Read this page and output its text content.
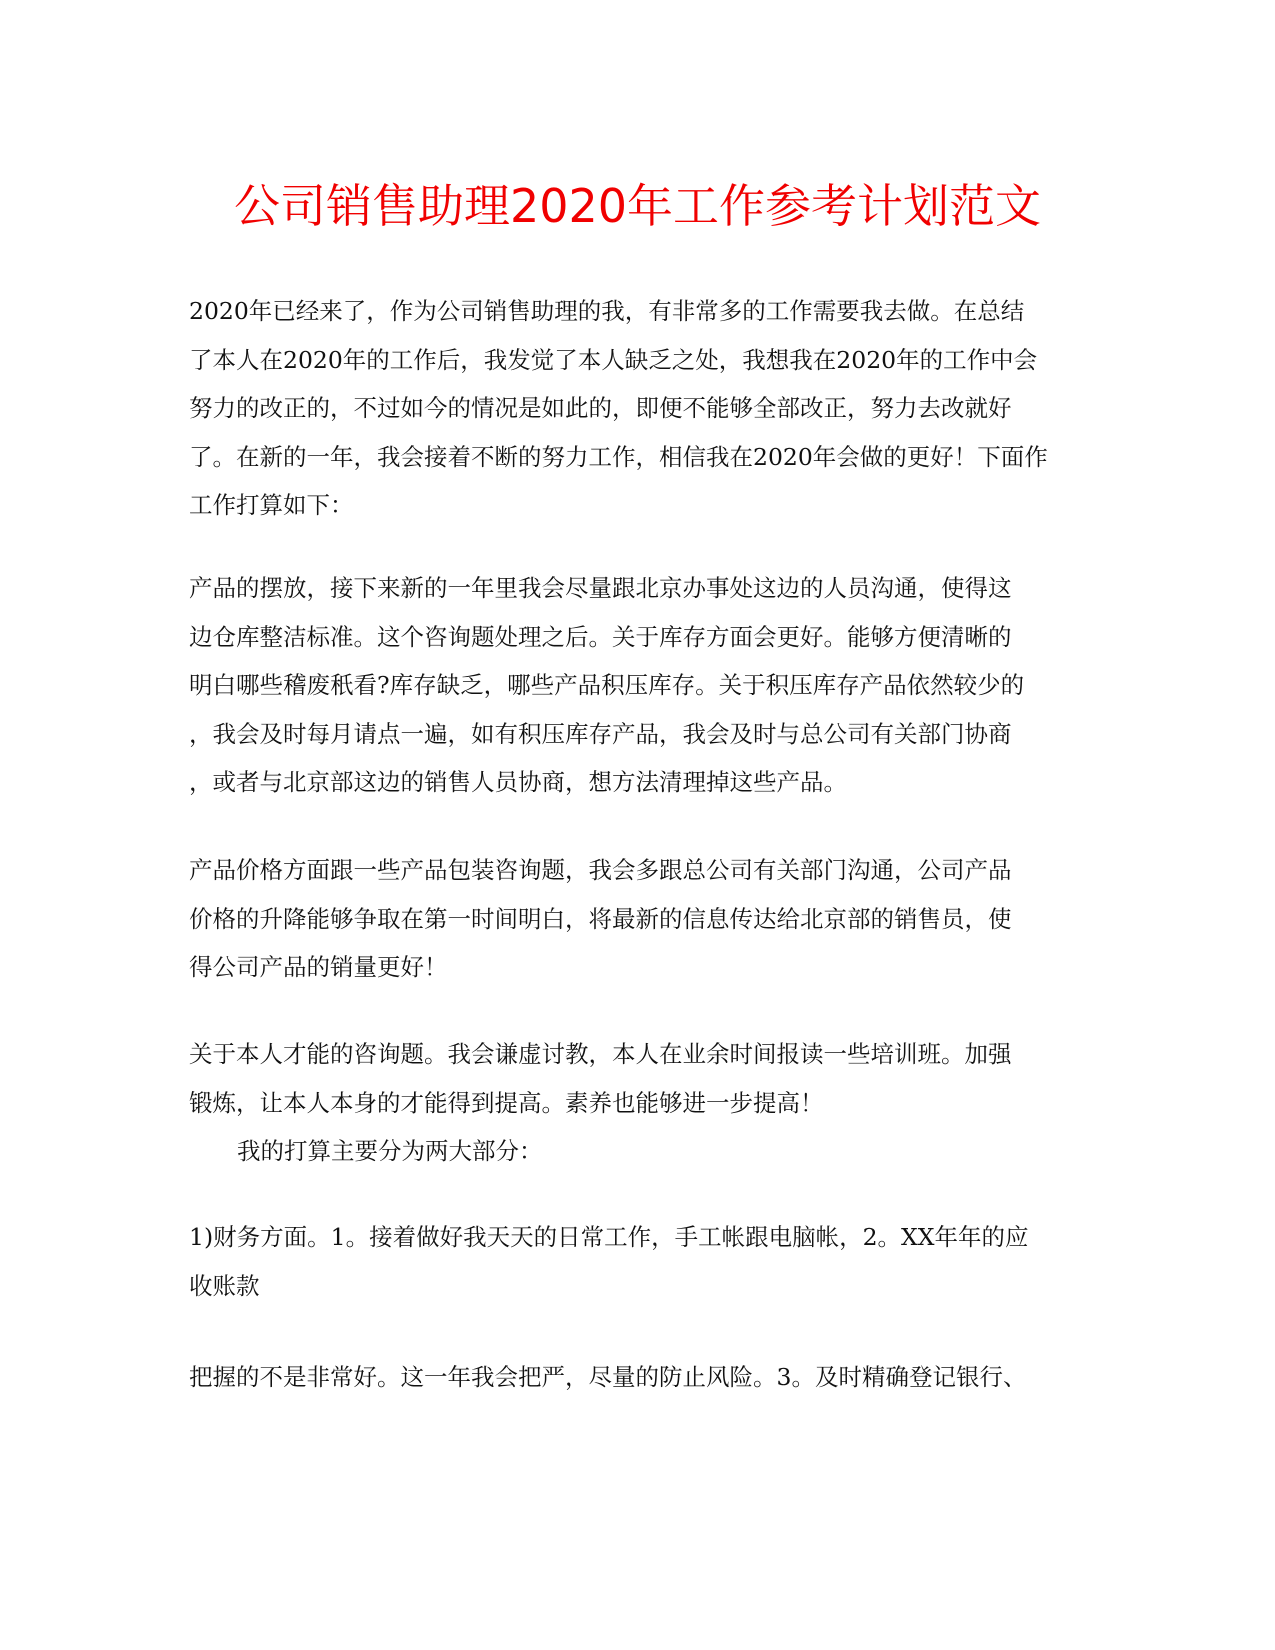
公司销售助理2020年工作参考计划范文
2020年已经来了，作为公司销售助理的我，有非常多的工作需要我去做。在总结
了本人在2020年的工作后，我发觉了本人缺乏之处，我想我在2020年的工作中会
努力的改正的，不过如今的情况是如此的，即便不能够全部改正，努力去改就好
了。在新的一年，我会接着不断的努力工作，相信我在2020年会做的更好！下面作
工作打算如下：
产品的摆放，接下来新的一年里我会尽量跟北京办事处这边的人员沟通，使得这
边仓库整洁标准。这个咨询题处理之后。关于库存方面会更好。能够方便清晰的
明白哪些稽废秖看?库存缺乏，哪些产品积压库存。关于积压库存产品依然较少的
，我会及时每月请点一遍，如有积压库存产品，我会及时与总公司有关部门协商
，或者与北京部这边的销售人员协商，想方法清理掉这些产品。
产品价格方面跟一些产品包装咨询题，我会多跟总公司有关部门沟通，公司产品
价格的升降能够争取在第一时间明白，将最新的信息传达给北京部的销售员，使
得公司产品的销量更好！
关于本人才能的咨询题。我会谦虚讨教，本人在业余时间报读一些培训班。加强
锻炼，让本人本身的才能得到提高。素养也能够进一步提高！
我的打算主要分为两大部分：
1)财务方面。1。接着做好我天天的日常工作，手工帐跟电脑帐，2。XX年年的应
收账款
把握的不是非常好。这一年我会把严，尽量的防止风险。3。及时精确登记银行、
